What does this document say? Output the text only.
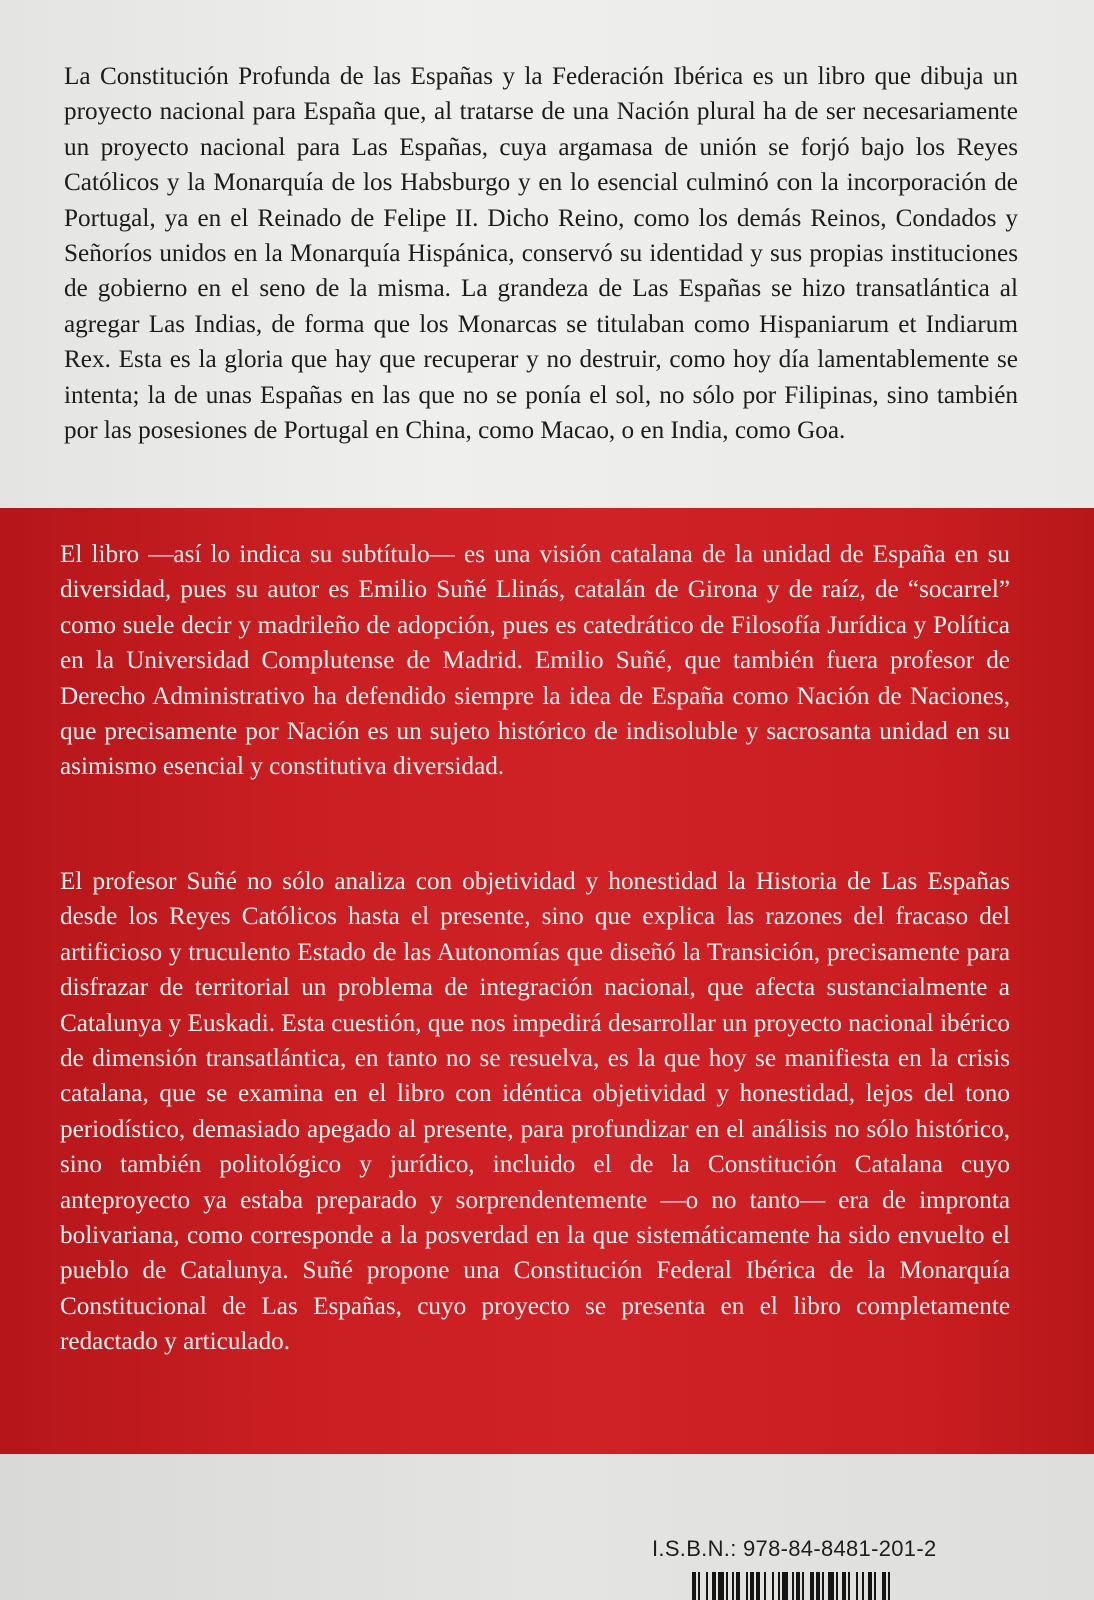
La Constitución Profunda de las Españas y la Federación Ibérica es un libro que dibuja un proyecto nacional para España que, al tratarse de una Nación plural ha de ser necesariamente un proyecto nacional para Las Españas, cuya argamasa de unión se forjó bajo los Reyes Católicos y la Monarquía de los Habsburgo y en lo esencial culminó con la incorporación de Portugal, ya en el Reinado de Felipe II. Dicho Reino, como los demás Reinos, Condados y Señoríos unidos en la Monarquía Hispánica, conservó su identidad y sus propias instituciones de gobierno en el seno de la misma. La grandeza de Las Españas se hizo transatlántica al agregar Las Indias, de forma que los Monarcas se titulaban como Hispaniarum et Indiarum Rex. Esta es la gloria que hay que recuperar y no destruir, como hoy día lamentablemente se intenta; la de unas Españas en las que no se ponía el sol, no sólo por Filipinas, sino también por las posesiones de Portugal en China, como Macao, o en India, como Goa.

El libro —así lo indica su subtítulo— es una visión catalana de la unidad de España en su diversidad, pues su autor es Emilio Suñé Llinás, catalán de Girona y de raíz, de “socarrel” como suele decir y madrileño de adopción, pues es catedrático de Filosofía Jurídica y Política en la Universidad Complutense de Madrid. Emilio Suñé, que también fuera profesor de Derecho Administrativo ha defendido siempre la idea de España como Nación de Naciones, que precisamente por Nación es un sujeto histórico de indisoluble y sacrosanta unidad en su asimismo esencial y constitutiva diversidad.

El profesor Suñé no sólo analiza con objetividad y honestidad la Historia de Las Españas desde los Reyes Católicos hasta el presente, sino que explica las razones del fracaso del artificioso y truculento Estado de las Autonomías que diseñó la Transición, precisamente para disfrazar de territorial un problema de integración nacional, que afecta sustancialmente a Catalunya y Euskadi. Esta cuestión, que nos impedirá desarrollar un proyecto nacional ibérico de dimensión transatlántica, en tanto no se resuelva, es la que hoy se manifiesta en la crisis catalana, que se examina en el libro con idéntica objetividad y honestidad, lejos del tono periodístico, demasiado apegado al presente, para profundizar en el análisis no sólo histórico, sino también politológico y jurídico, incluido el de la Constitución Catalana cuyo anteproyecto ya estaba preparado y sorprendentemente —o no tanto— era de impronta bolivariana, como corresponde a la posverdad en la que sistemáticamente ha sido envuelto el pueblo de Catalunya. Suñé propone una Constitución Federal Ibérica de la Monarquía Constitucional de Las Españas, cuyo proyecto se presenta en el libro completamente redactado y articulado.

I.S.B.N.: 978-84-8481-201-2
